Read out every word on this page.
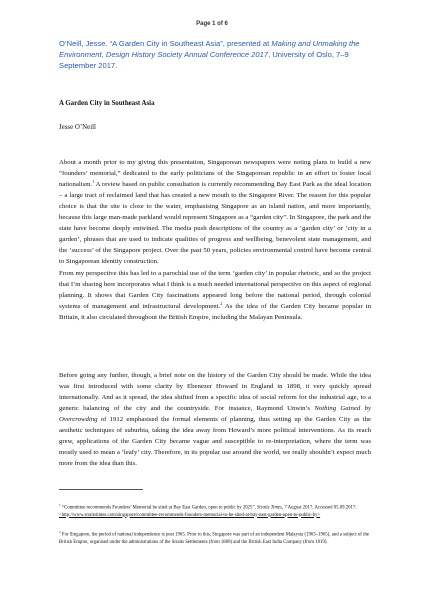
Page 1 of 6
O’Neill, Jesse. “A Garden City in Southeast Asia”, presented at Making and Unmaking the Environment, Design History Society Annual Conference 2017, University of Oslo, 7–9 September 2017.
A Garden City in Southeast Asia
Jesse O’Neill
About a month prior to my giving this presentation, Singaporean newspapers were noting plans to build a new “founders’ memorial,” dedicated to the early politicians of the Singaporean republic in an effort to foster local nationalism.$^1$ A review based on public consultation is currently recommending Bay East Park as the ideal location – a large tract of reclaimed land that has created a new mouth to the Singapore River. The reason for this popular choice is that the site is close to the water, emphasising Singapore as an island nation, and more importantly, because this large man-made parkland would represent Singapore as a “garden city”. In Singapore, the park and the state have become deeply entwined. The media push descriptions of the country as a ‘garden city’ or ‘city in a garden’, phrases that are used to indicate qualities of progress and wellbeing, benevolent state management, and the ‘success’ of the Singapore project. Over the past 50 years, policies environmental control have become central to Singaporean identity construction.
From my perspective this has led to a parochial use of the term ‘garden city’ in popular rhetoric, and so the project that I’m sharing here incorporates what I think is a much needed international perspective on this aspect of regional planning. It shows that Garden City fascinations appeared long before the national period, through colonial systems of management and infrastructural development.$^2$ As the idea of the Garden City became popular in Britain, it also circulated throughout the British Empire, including the Malayan Peninsula.
Before going any further, though, a brief note on the history of the Garden City should be made. While the idea was first introduced with some clarity by Ebenezer Howard in England in 1898, it very quickly spread internationally. And as it spread, the idea shifted from a specific idea of social reform for the industrial age, to a generic balancing of the city and the countryside. For instance, Raymond Unwin’s Nothing Gained by Overcrowding of 1912 emphasised the formal elements of planning, thus setting up the Garden City as the aesthetic techniques of suburbia, taking the idea away from Howard’s more political interventions. As its reach grew, applications of the Garden City became vague and susceptible to re-interpretation, where the term was mostly used to mean a ‘leafy’ city. Therefore, in its popular use around the world, we really shouldn’t expect much more from the idea than this.
$^1$ “Committee recommends Founders’ Memorial be sited at Bay East Garden, open to public by 2025”, Straits Times, 7 August 2017. Accessed 05.09.2017. <http://www.straitstimes.com/singapore/committee-recommends-founders-memorial-to-be-sited-at-bay-east-garden-open-to-public-by>
$^2$ For Singapore, the period of national independence is post 1965. Prior to this, Singapore was part of an independent Malaysia (1963–1965), and a subject of the British Empire, organised under the administrations of the Straits Settlements (from 1868) and the British East India Company (from 1819).
